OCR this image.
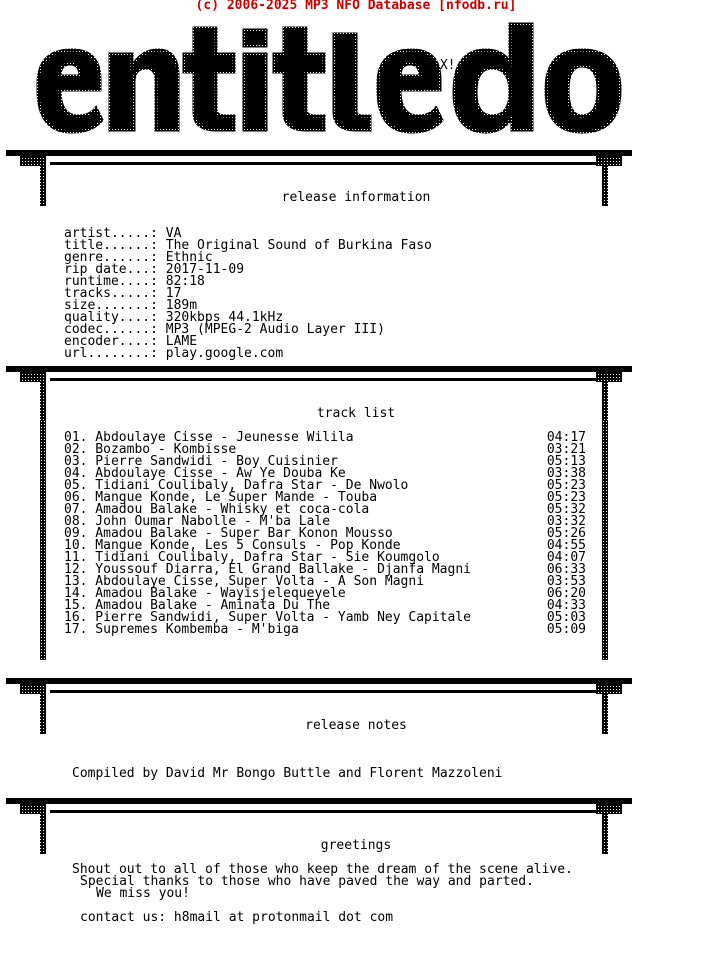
(c) 2006-2025 MP3 NFO Database [nfodb.ru]
hX!
release information
artist.....: VA
title......: The Original Sound of Burkina Faso
genre......: Ethnic
rip date...: 2017-11-09
runtime....: 82:18
tracks.....: 17
size.......: 189m
quality....: 320kbps 44.1kHz
codec......: MP3 (MPEG-2 Audio Layer III)
encoder....: LAME
url........: play.google.com
track list
01. Abdoulaye Cisse - Jeunesse Wilila	04:17
02. Bozambo - Kombisse	03:21
03. Pierre Sandwidi - Boy Cuisinier	05:13
04. Abdoulaye Cisse - Aw Ye Douba Ke	03:38
05. Tidiani Coulibaly, Dafra Star - De Nwolo	05:23
06. Mangue Konde, Le Super Mande - Touba	05:23
07. Amadou Balake - Whisky et coca-cola	05:32
08. John Oumar Nabolle - M'ba Lale	03:32
09. Amadou Balake - Super Bar Konon Mousso	05:26
10. Mangue Konde, Les 5 Consuls - Pop Konde	04:55
11. Tidiani Coulibaly, Dafra Star - Sie Koumgolo	04:07
12. Youssouf Diarra, El Grand Ballake - Djanfa Magni	06:33
13. Abdoulaye Cisse, Super Volta - A Son Magni	03:53
14. Amadou Balake - Wayisjelequeyele	06:20
15. Amadou Balake - Aminata Du The	04:33
16. Pierre Sandwidi, Super Volta - Yamb Ney Capitale	05:03
17. Supremes Kombemba - M'biga	05:09
release notes
Compiled by David Mr Bongo Buttle and Florent Mazzoleni
greetings
Shout out to all of those who keep the dream of the scene alive.
Special thanks to those who have paved the way and parted.
We miss you!
contact us: h8mail at protonmail dot com
